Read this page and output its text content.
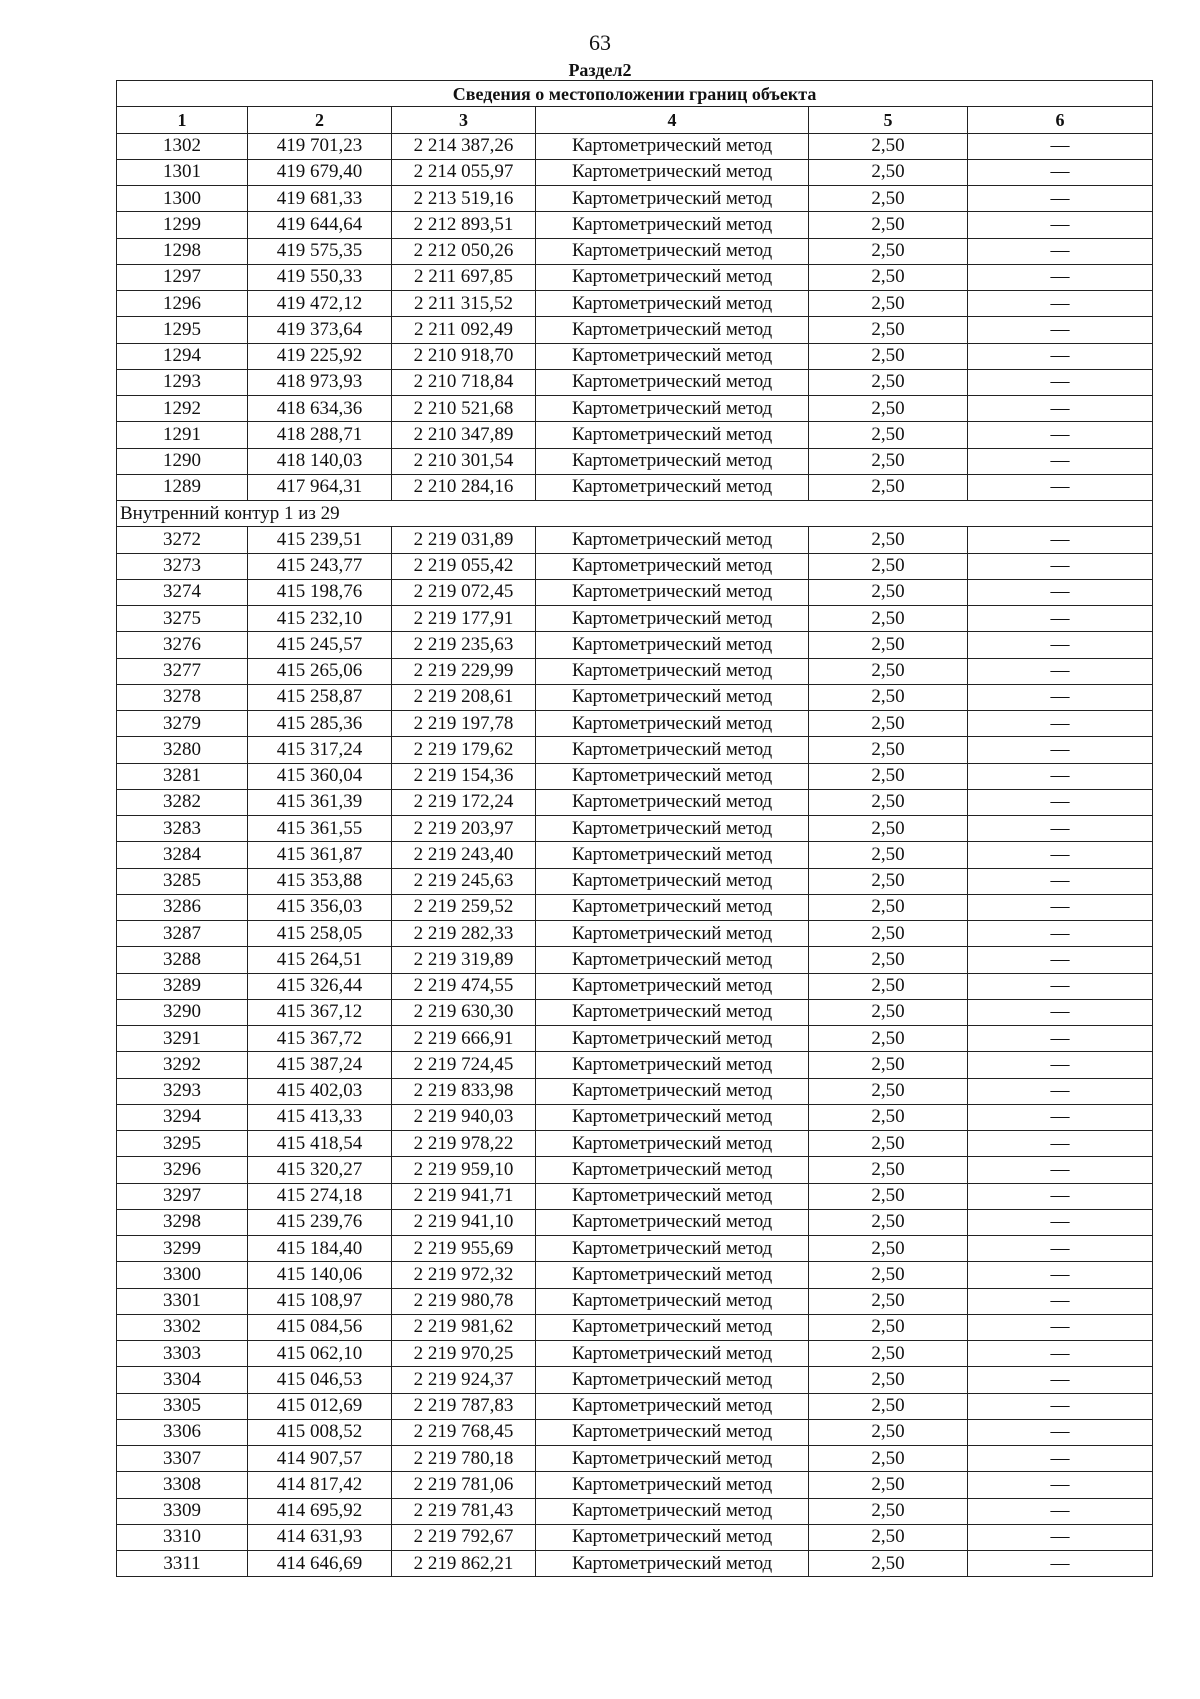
63
Раздел2
Сведения о местоположении границ объекта					
1	2	3	4	5	6
1302	419 701,23	2 214 387,26	Картометрический метод	2,50	—
1301	419 679,40	2 214 055,97	Картометрический метод	2,50	—
1300	419 681,33	2 213 519,16	Картометрический метод	2,50	—
1299	419 644,64	2 212 893,51	Картометрический метод	2,50	—
1298	419 575,35	2 212 050,26	Картометрический метод	2,50	—
1297	419 550,33	2 211 697,85	Картометрический метод	2,50	—
1296	419 472,12	2 211 315,52	Картометрический метод	2,50	—
1295	419 373,64	2 211 092,49	Картометрический метод	2,50	—
1294	419 225,92	2 210 918,70	Картометрический метод	2,50	—
1293	418 973,93	2 210 718,84	Картометрический метод	2,50	—
1292	418 634,36	2 210 521,68	Картометрический метод	2,50	—
1291	418 288,71	2 210 347,89	Картометрический метод	2,50	—
1290	418 140,03	2 210 301,54	Картометрический метод	2,50	—
1289	417 964,31	2 210 284,16	Картометрический метод	2,50	—
Внутренний контур 1 из 29					
3272	415 239,51	2 219 031,89	Картометрический метод	2,50	—
3273	415 243,77	2 219 055,42	Картометрический метод	2,50	—
3274	415 198,76	2 219 072,45	Картометрический метод	2,50	—
3275	415 232,10	2 219 177,91	Картометрический метод	2,50	—
3276	415 245,57	2 219 235,63	Картометрический метод	2,50	—
3277	415 265,06	2 219 229,99	Картометрический метод	2,50	—
3278	415 258,87	2 219 208,61	Картометрический метод	2,50	—
3279	415 285,36	2 219 197,78	Картометрический метод	2,50	—
3280	415 317,24	2 219 179,62	Картометрический метод	2,50	—
3281	415 360,04	2 219 154,36	Картометрический метод	2,50	—
3282	415 361,39	2 219 172,24	Картометрический метод	2,50	—
3283	415 361,55	2 219 203,97	Картометрический метод	2,50	—
3284	415 361,87	2 219 243,40	Картометрический метод	2,50	—
3285	415 353,88	2 219 245,63	Картометрический метод	2,50	—
3286	415 356,03	2 219 259,52	Картометрический метод	2,50	—
3287	415 258,05	2 219 282,33	Картометрический метод	2,50	—
3288	415 264,51	2 219 319,89	Картометрический метод	2,50	—
3289	415 326,44	2 219 474,55	Картометрический метод	2,50	—
3290	415 367,12	2 219 630,30	Картометрический метод	2,50	—
3291	415 367,72	2 219 666,91	Картометрический метод	2,50	—
3292	415 387,24	2 219 724,45	Картометрический метод	2,50	—
3293	415 402,03	2 219 833,98	Картометрический метод	2,50	—
3294	415 413,33	2 219 940,03	Картометрический метод	2,50	—
3295	415 418,54	2 219 978,22	Картометрический метод	2,50	—
3296	415 320,27	2 219 959,10	Картометрический метод	2,50	—
3297	415 274,18	2 219 941,71	Картометрический метод	2,50	—
3298	415 239,76	2 219 941,10	Картометрический метод	2,50	—
3299	415 184,40	2 219 955,69	Картометрический метод	2,50	—
3300	415 140,06	2 219 972,32	Картометрический метод	2,50	—
3301	415 108,97	2 219 980,78	Картометрический метод	2,50	—
3302	415 084,56	2 219 981,62	Картометрический метод	2,50	—
3303	415 062,10	2 219 970,25	Картометрический метод	2,50	—
3304	415 046,53	2 219 924,37	Картометрический метод	2,50	—
3305	415 012,69	2 219 787,83	Картометрический метод	2,50	—
3306	415 008,52	2 219 768,45	Картометрический метод	2,50	—
3307	414 907,57	2 219 780,18	Картометрический метод	2,50	—
3308	414 817,42	2 219 781,06	Картометрический метод	2,50	—
3309	414 695,92	2 219 781,43	Картометрический метод	2,50	—
3310	414 631,93	2 219 792,67	Картометрический метод	2,50	—
3311	414 646,69	2 219 862,21	Картометрический метод	2,50	—
